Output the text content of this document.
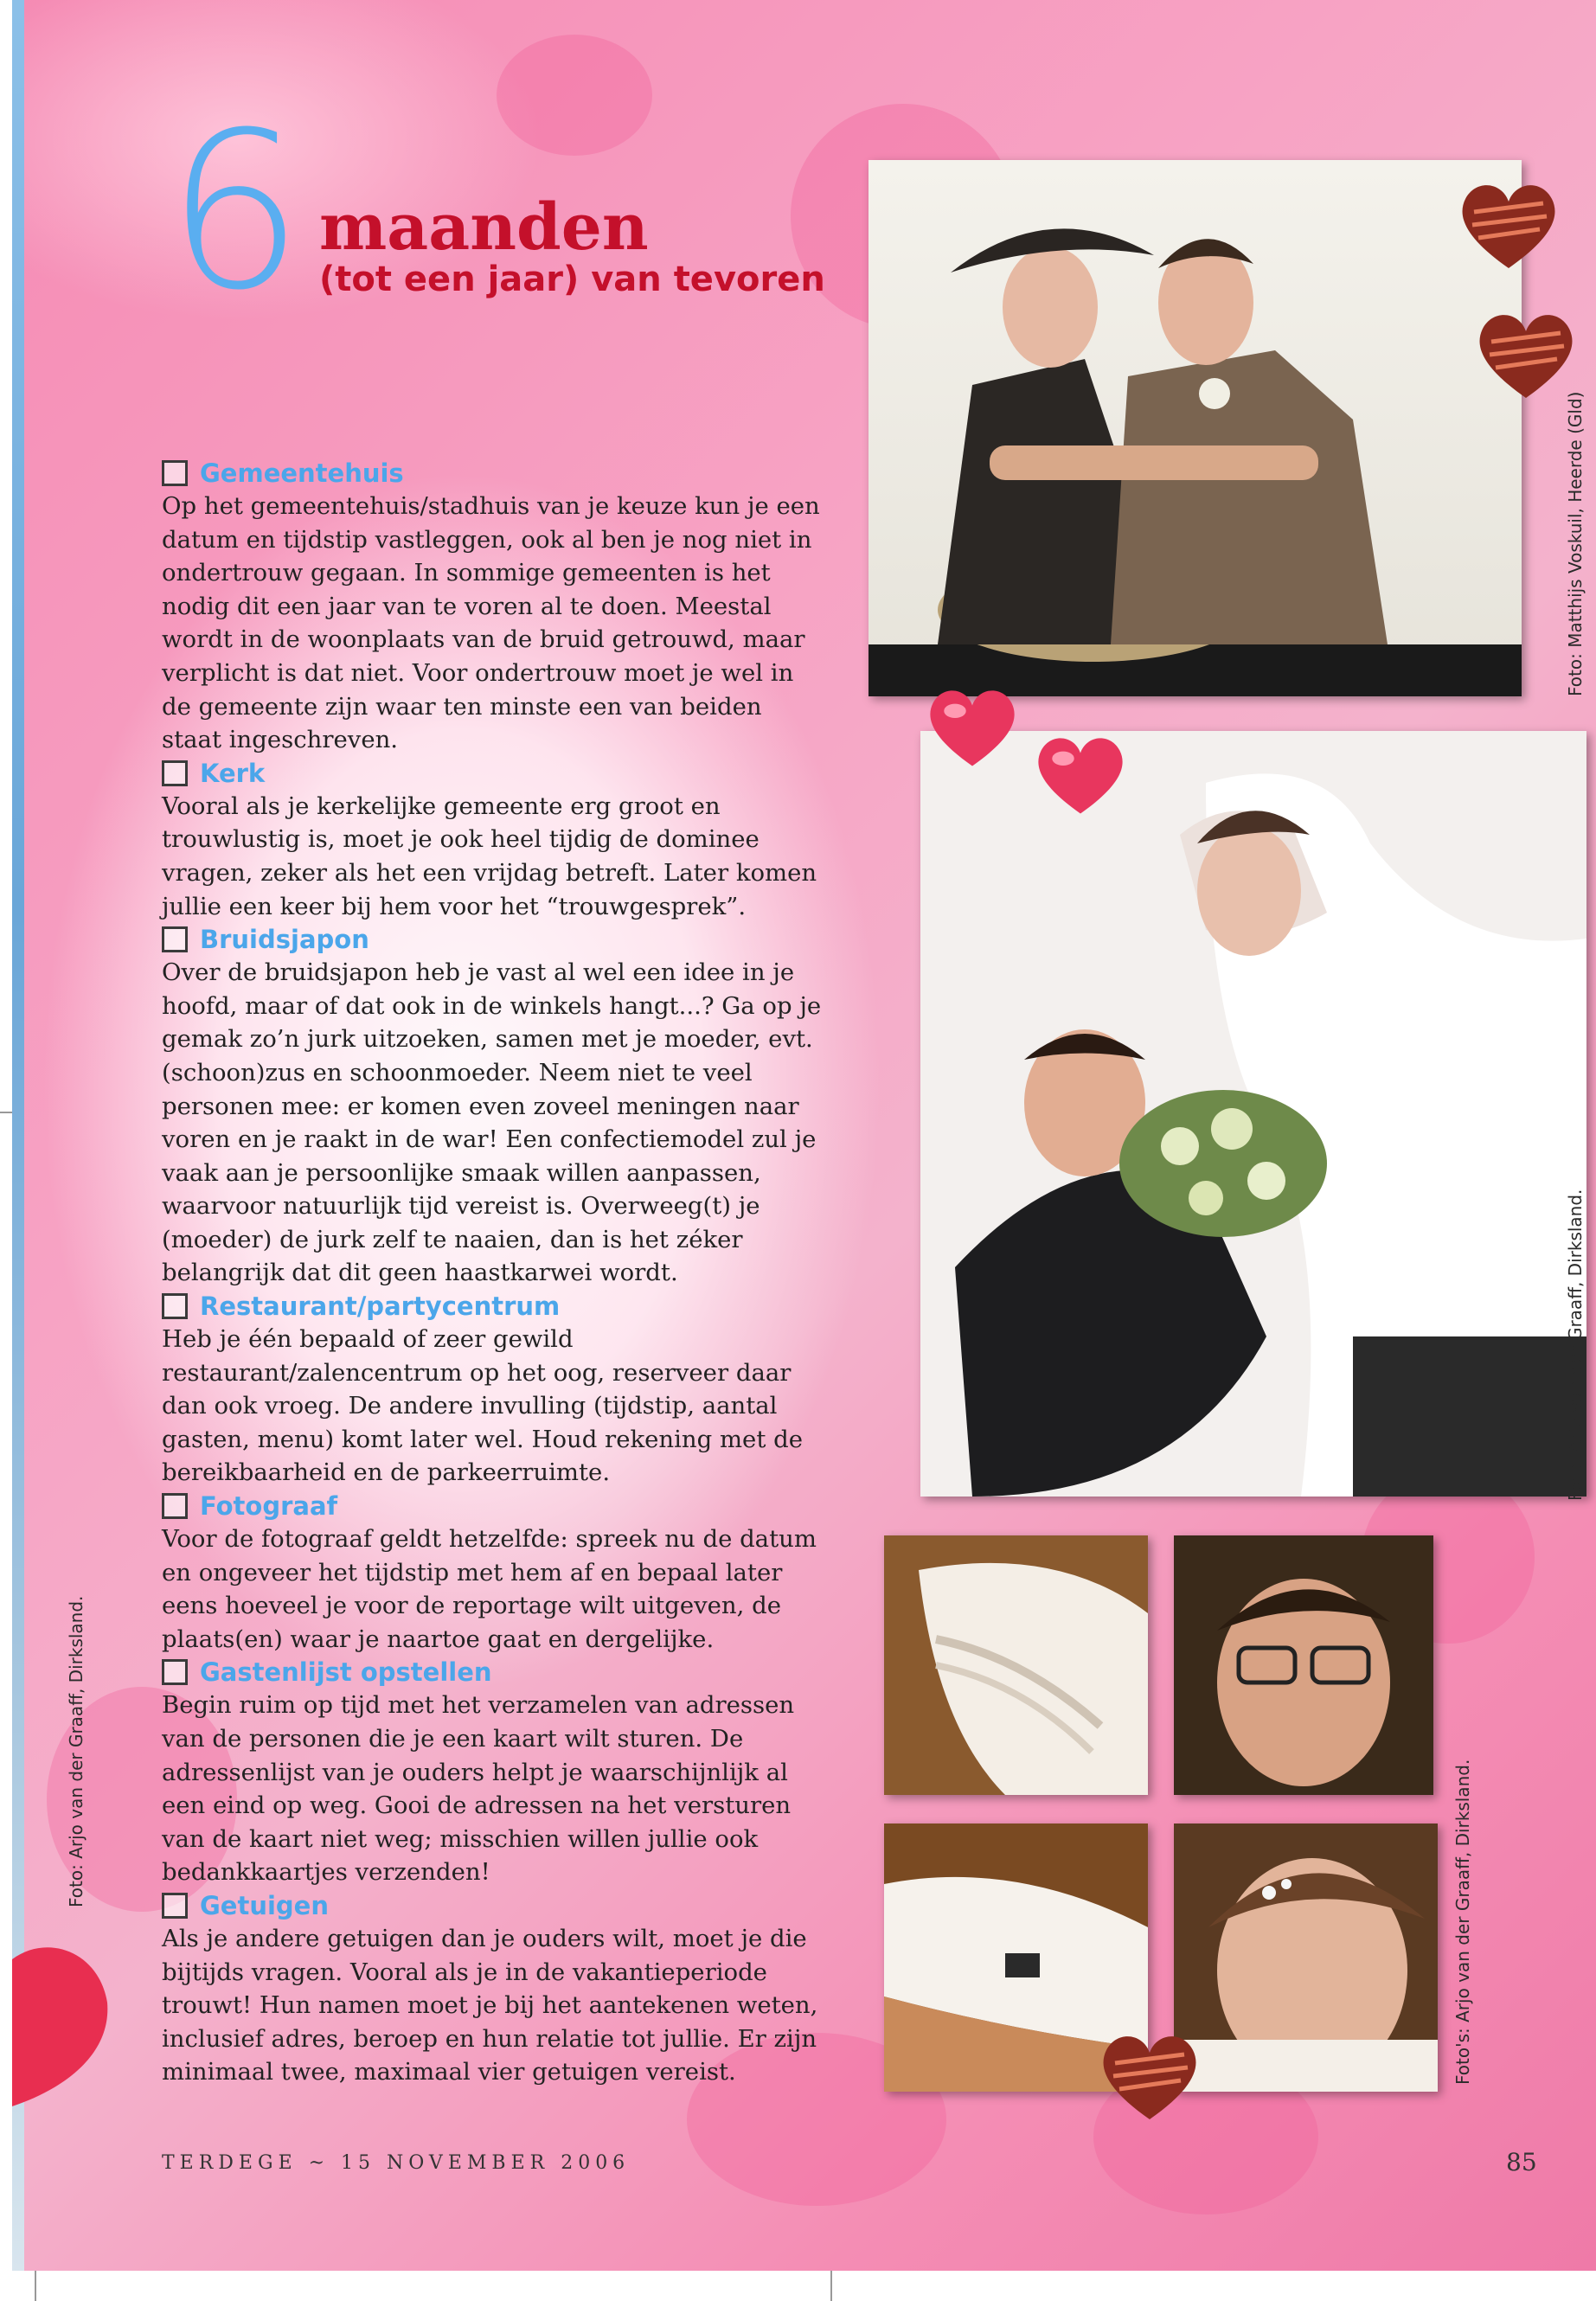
6 maanden
(tot een jaar) van tevoren
Gemeentehuis

Op het gemeentehuis/stadhuis van je keuze kun je een datum en tijdstip vastleggen, ook al ben je nog niet in ondertrouw gegaan. In sommige gemeenten is het nodig dit een jaar van te voren al te doen. Meestal wordt in de woonplaats van de bruid getrouwd, maar verplicht is dat niet. Voor ondertrouw moet je wel in de gemeente zijn waar ten minste een van beiden staat ingeschreven.

Kerk

Vooral als je kerkelijke gemeente erg groot en trouwlustig is, moet je ook heel tijdig de dominee vragen, zeker als het een vrijdag betreft. Later komen jullie een keer bij hem voor het “trouwgesprek”.

Bruidsjapon

Over de bruidsjapon heb je vast al wel een idee in je hoofd, maar of dat ook in de winkels hangt...? Ga op je gemak zo’n jurk uitzoeken, samen met je moeder, evt. (schoon)zus en schoonmoeder. Neem niet te veel personen mee: er komen even zoveel meningen naar voren en je raakt in de war! Een confectiemodel zul je vaak aan je persoonlijke smaak willen aanpassen, waarvoor natuurlijk tijd vereist is. Overweeg(t) je (moeder) de jurk zelf te naaien, dan is het zéker belangrijk dat dit geen haastkarwei wordt.

Restaurant/partycentrum

Heb je één bepaald of zeer gewild restaurant/zalencentrum op het oog, reserveer daar dan ook vroeg. De andere invulling (tijdstip, aantal gasten, menu) komt later wel. Houd rekening met de bereikbaarheid en de parkeerruimte.

Fotograaf

Voor de fotograaf geldt hetzelfde: spreek nu de datum en ongeveer het tijdstip met hem af en bepaal later eens hoeveel je voor de reportage wilt uitgeven, de plaats(en) waar je naartoe gaat en dergelijke.

Gastenlijst opstellen

Begin ruim op tijd met het verzamelen van adressen van de personen die je een kaart wilt sturen. De adressenlijst van je ouders helpt je waarschijnlijk al een eind op weg. Gooi de adressen na het versturen van de kaart niet weg; misschien willen jullie ook bedankkaartjes verzenden!

Getuigen

Als je andere getuigen dan je ouders wilt, moet je die bijtijds vragen. Vooral als je in de vakantieperiode trouwt! Hun namen moet je bij het aantekenen weten, inclusief adres, beroep en hun relatie tot jullie. Er zijn minimaal twee, maximaal vier getuigen vereist.

Foto: Matthijs Voskuil, Heerde (Gld)
Foto: Arjo van der Graaff, Dirksland.
Foto's: Arjo van der Graaff, Dirksland.
Foto: Arjo van der Graaff, Dirksland.
TERDEGE ~ 15 NOVEMBER 2006	85
